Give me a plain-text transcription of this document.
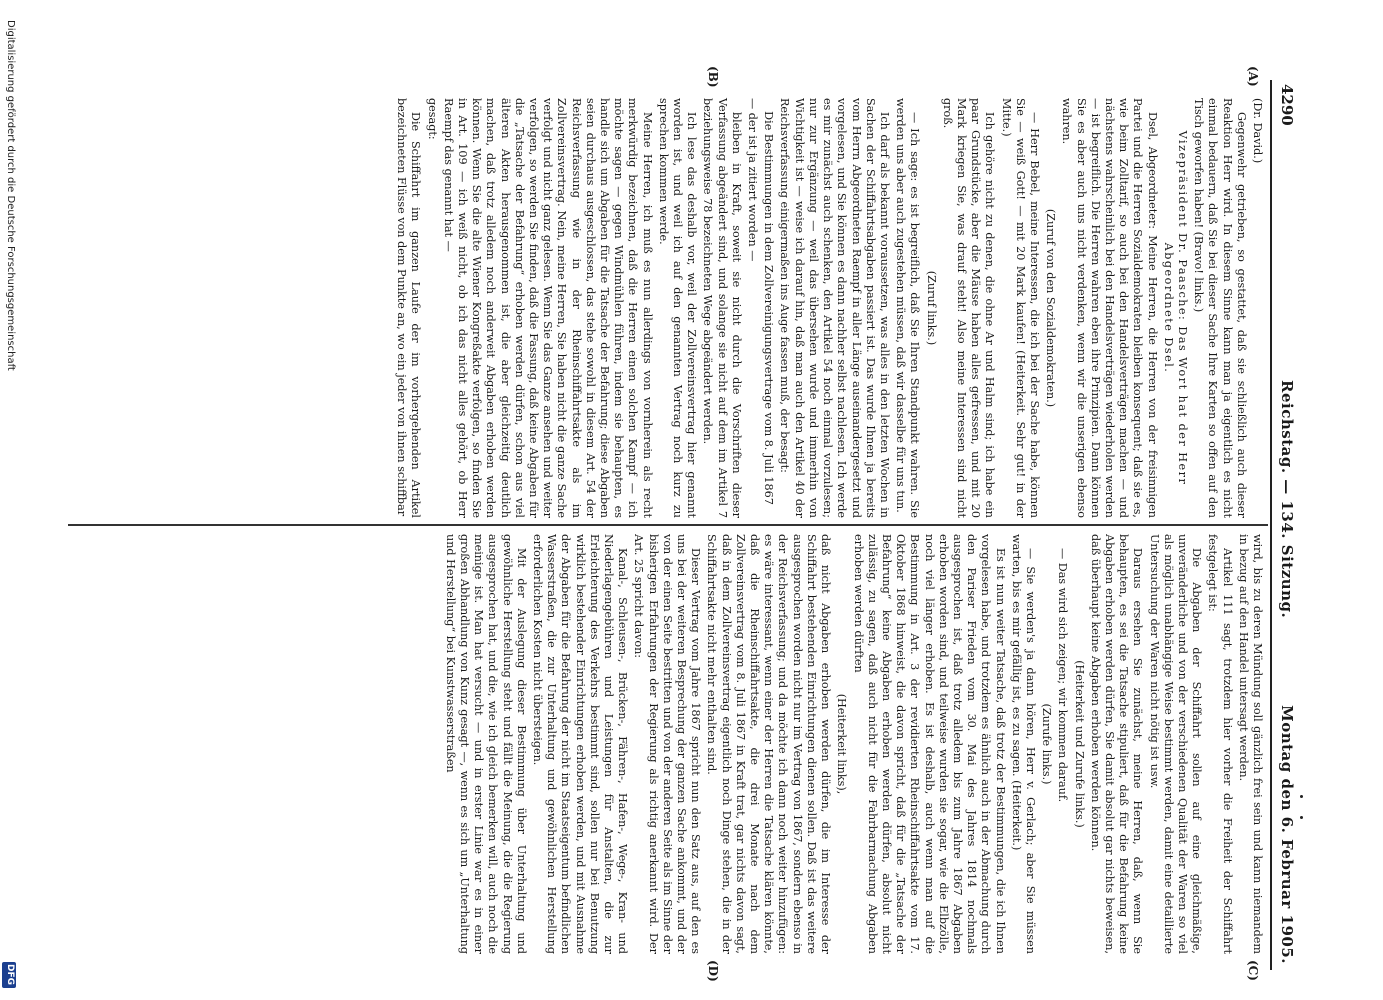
4290
Reichstag. — 134. Sitzung.
Montag den 6. Februar 1905.
(A)
(B)
(C)
(D)

(Dr. David.)

Gegenwehr getrieben, so gestattet, daß sie schließlich auch dieser Reaktion Herr wird. In diesem Sinne kann man ja eigentlich es nicht einmal bedauern, daß Sie bei dieser Sache Ihre Karten so offen auf den Tisch geworfen haben! (Bravo! links.)

Vizepräsident Dr. Paasche: Das Wort hat der Herr Abgeordnete Dsel.

Dsel, Abgeordneter: Meine Herren, die Herren von der freisinnigen Partei und die Herren Sozialdemokraten bleiben konsequent; daß sie es, wie beim Zolltarif, so auch bei den Handelsverträgen machen — und nächstens wahrscheinlich bei den Handelsverträgen wiederholen werden — ist begreiflich. Die Herren wahren eben ihre Prinzipien. Dann können Sie es aber auch uns nicht verdenken, wenn wir die unserigen ebenso wahren.

(Zuruf von den Sozialdemokraten.)

— Herr Bebel, meine Interessen, die ich bei der Sache habe, können Sie — weiß Gott! — mit 20 Mark kaufen! (Heiterkeit. Sehr gut! in der Mitte.)

Ich gehöre nicht zu denen, die ohne Ar und Halm sind; ich habe ein paar Grundstücke, aber die Mäuse haben alles gefressen, und mit 20 Mark kriegen Sie, was drauf steht! Also meine Interessen sind nicht groß.

(Zuruf links.)

— Ich sage: es ist begreiflich, daß Sie Ihren Standpunkt wahren. Sie werden uns aber auch zugestehen müssen, daß wir dasselbe für uns tun.

Ich darf als bekannt voraussetzen, was alles in den letzten Wochen in Sachen der Schiffahrtsabgaben passiert ist. Das wurde Ihnen ja bereits vom Herrn Abgeordneten Raempf in aller Länge auseinandergesetzt und vorgelesen, und Sie können es dann nachher selbst nachlesen. Ich werde es mir zunächst auch schenken, den Artikel 54 noch einmal vorzulesen; nur zur Ergänzung — weil das übersehen wurde und immerhin von Wichtigkeit ist — weise ich darauf hin, daß man auch den Artikel 40 der Reichsverfassung einigermaßen ins Auge fassen muß, der besagt:

Die Bestimmungen in dem Zollvereinigungsvertrage vom 8. Juli 1867

— der ist ja zitiert worden —

bleiben in Kraft, soweit sie nicht durch die Vorschriften dieser Verfassung abgeändert sind, und solange sie nicht auf dem im Artikel 7 beziehungsweise 78 bezeichneten Wege abgeändert werden.

Ich lese das deshalb vor, weil der Zollvereinsvertrag hier genannt worden ist, und weil ich auf den genannten Vertrag noch kurz zu sprechen kommen werde.

Meine Herren, ich muß es nun allerdings von vornherein als recht merkwürdig bezeichnen, daß die Herren einen solchen Kampf — ich möchte sagen — gegen Windmühlen führen, indem sie behaupten, es handle sich um Abgaben für die Tatsache der Befahrung; diese Abgaben seien durchaus ausgeschlossen, das stehe sowohl in diesem Art. 54 der Reichsverfassung wie in der Rheinschiffahrtsakte als im Zollvereinsvertrag. Nein, meine Herren, Sie haben nicht die ganze Sache verfolgt und nicht ganz gelesen. Wenn Sie das Ganze ansehen und weiter verfolgen, so werden Sie finden, daß die Fassung, daß keine Abgaben für die „Tatsache der Befahrung“ erhoben werden dürfen, schon aus viel älteren Akten herausgenommen ist, die aber gleichzeitig deutlich machen, daß trotz alledem noch anderweit Abgaben erhoben werden können. Wenn Sie die alte Wiener Kongreßakte verfolgen, so finden Sie in Art. 109 — ich weiß nicht, ob ich das nicht alles gehört, ob Herr Raempf das genannt hat —

gesagt:

Die Schiffahrt im ganzen Laufe der im vorhergehenden Artikel bezeichneten Flüsse von dem Punkte an, wo ein jeder von ihnen schiffbar

wird, bis zu deren Mündung soll gänzlich frei sein und kann niemandem in bezug auf den Handel untersagt werden.

Artikel 111 sagt, trotzdem hier vorher die Freiheit der Schiffahrt festgelegt ist:

Die Abgaben der Schiffahrt sollen auf eine gleichmäßige, unveränderliche und von der verschiedenen Qualität der Waren so viel als möglich unabhängige Weise bestimmt werden, damit eine detaillierte Untersuchung der Waren nicht nötig ist usw.

Daraus ersehen Sie zunächst, meine Herren, daß, wenn Sie behaupten, es sei die Tatsache stipuliert, daß für die Befahrung keine Abgaben erhoben werden dürfen, Sie damit absolut gar nichts beweisen, daß überhaupt keine Abgaben erhoben werden können.

(Heiterkeit und Zurufe links.)

— Das wird sich zeigen; wir kommen darauf.

(Zurufe links.)

— Sie werden's ja dann hören, Herr v. Gerlach; aber Sie müssen warten, bis es mir gefällig ist, es zu sagen. (Heiterkeit.)

Es ist nun weiter Tatsache, daß trotz der Bestimmungen, die ich Ihnen vorgelesen habe, und trotzdem es ähnlich auch in der Abmachung durch den Pariser Frieden vom 30. Mai des Jahres 1814 nochmals ausgesprochen ist, daß trotz alledem bis zum Jahre 1867 Abgaben erhoben worden sind, und teilweise wurden sie sogar, wie die Elbzölle, noch viel länger erhoben. Es ist deshalb, auch wenn man auf die Bestimmung in Art. 3 der revidierten Rheinschiffahrtsakte vom 17. Oktober 1868 hinweist, die davon spricht, daß für die „Tatsache der Befahrung“ keine Abgaben erhoben werden dürfen, absolut nicht zulässig, zu sagen, daß auch nicht für die Fahrbarmachung Abgaben erhoben werden dürften

(Heiterkeit links),

daß nicht Abgaben erhoben werden dürfen, die im Interesse der Schiffahrt bestehenden Einrichtungen dienen sollen. Daß ist das weitere ausgesprochen worden nicht nur im Vertrag von 1867, sondern ebenso in der Reichsverfassung; und da möchte ich dann noch weiter hinzufügen: es wäre interessant, wenn einer der Herren die Tatsache klären könnte, daß die Rheinschiffahrtsakte, die drei Monate nach dem Zollvereinsvertrag vom 8. Juli 1867 in Kraft trat, gar nichts davon sagt, daß in dem Zollvereinsvertrag eigentlich noch Dinge stehen, die in der Schiffahrtsakte nicht mehr enthalten sind.

Dieser Vertrag vom Jahre 1867 spricht nun den Satz aus, auf den es uns bei der weiteren Besprechung der ganzen Sache ankommt, und der von der einen Seite bestritten und von der anderen Seite als im Sinne der bisherigen Erfahrungen der Regierung als richtig anerkannt wird. Der Art. 25 spricht davon:

Kanal-, Schleusen-, Brücken-, Fähren-, Hafen-, Wege-, Kran- und Niederlagengebühren und Leistungen für Anstalten, die zur Erleichterung des Verkehrs bestimmt sind, sollen nur bei Benutzung wirklich bestehender Einrichtungen erhoben werden, und mit Ausnahme der Abgaben für die Befahrung der nicht im Staatseigentum befindlichen Wasserstraßen, die zur Unterhaltung und gewöhnlichen Herstellung erforderlichen Kosten nicht übersteigen.

Mit der Auslegung dieser Bestimmung über Unterhaltung und gewöhnliche Herstellung steht und fällt die Meinung, die die Regierung ausgesprochen hat, und die, wie ich gleich bemerken will, auch noch die meinige ist. Man hat versucht — und in erster Linie war es in einer großen Abhandlung von Kunz gesagt —, wenn es sich um „Unterhaltung und Herstellung“ bei Kunstwasserstraßen

Digitalisierung gefördert durch die Deutsche Forschungsgemeinschaft
DFG
